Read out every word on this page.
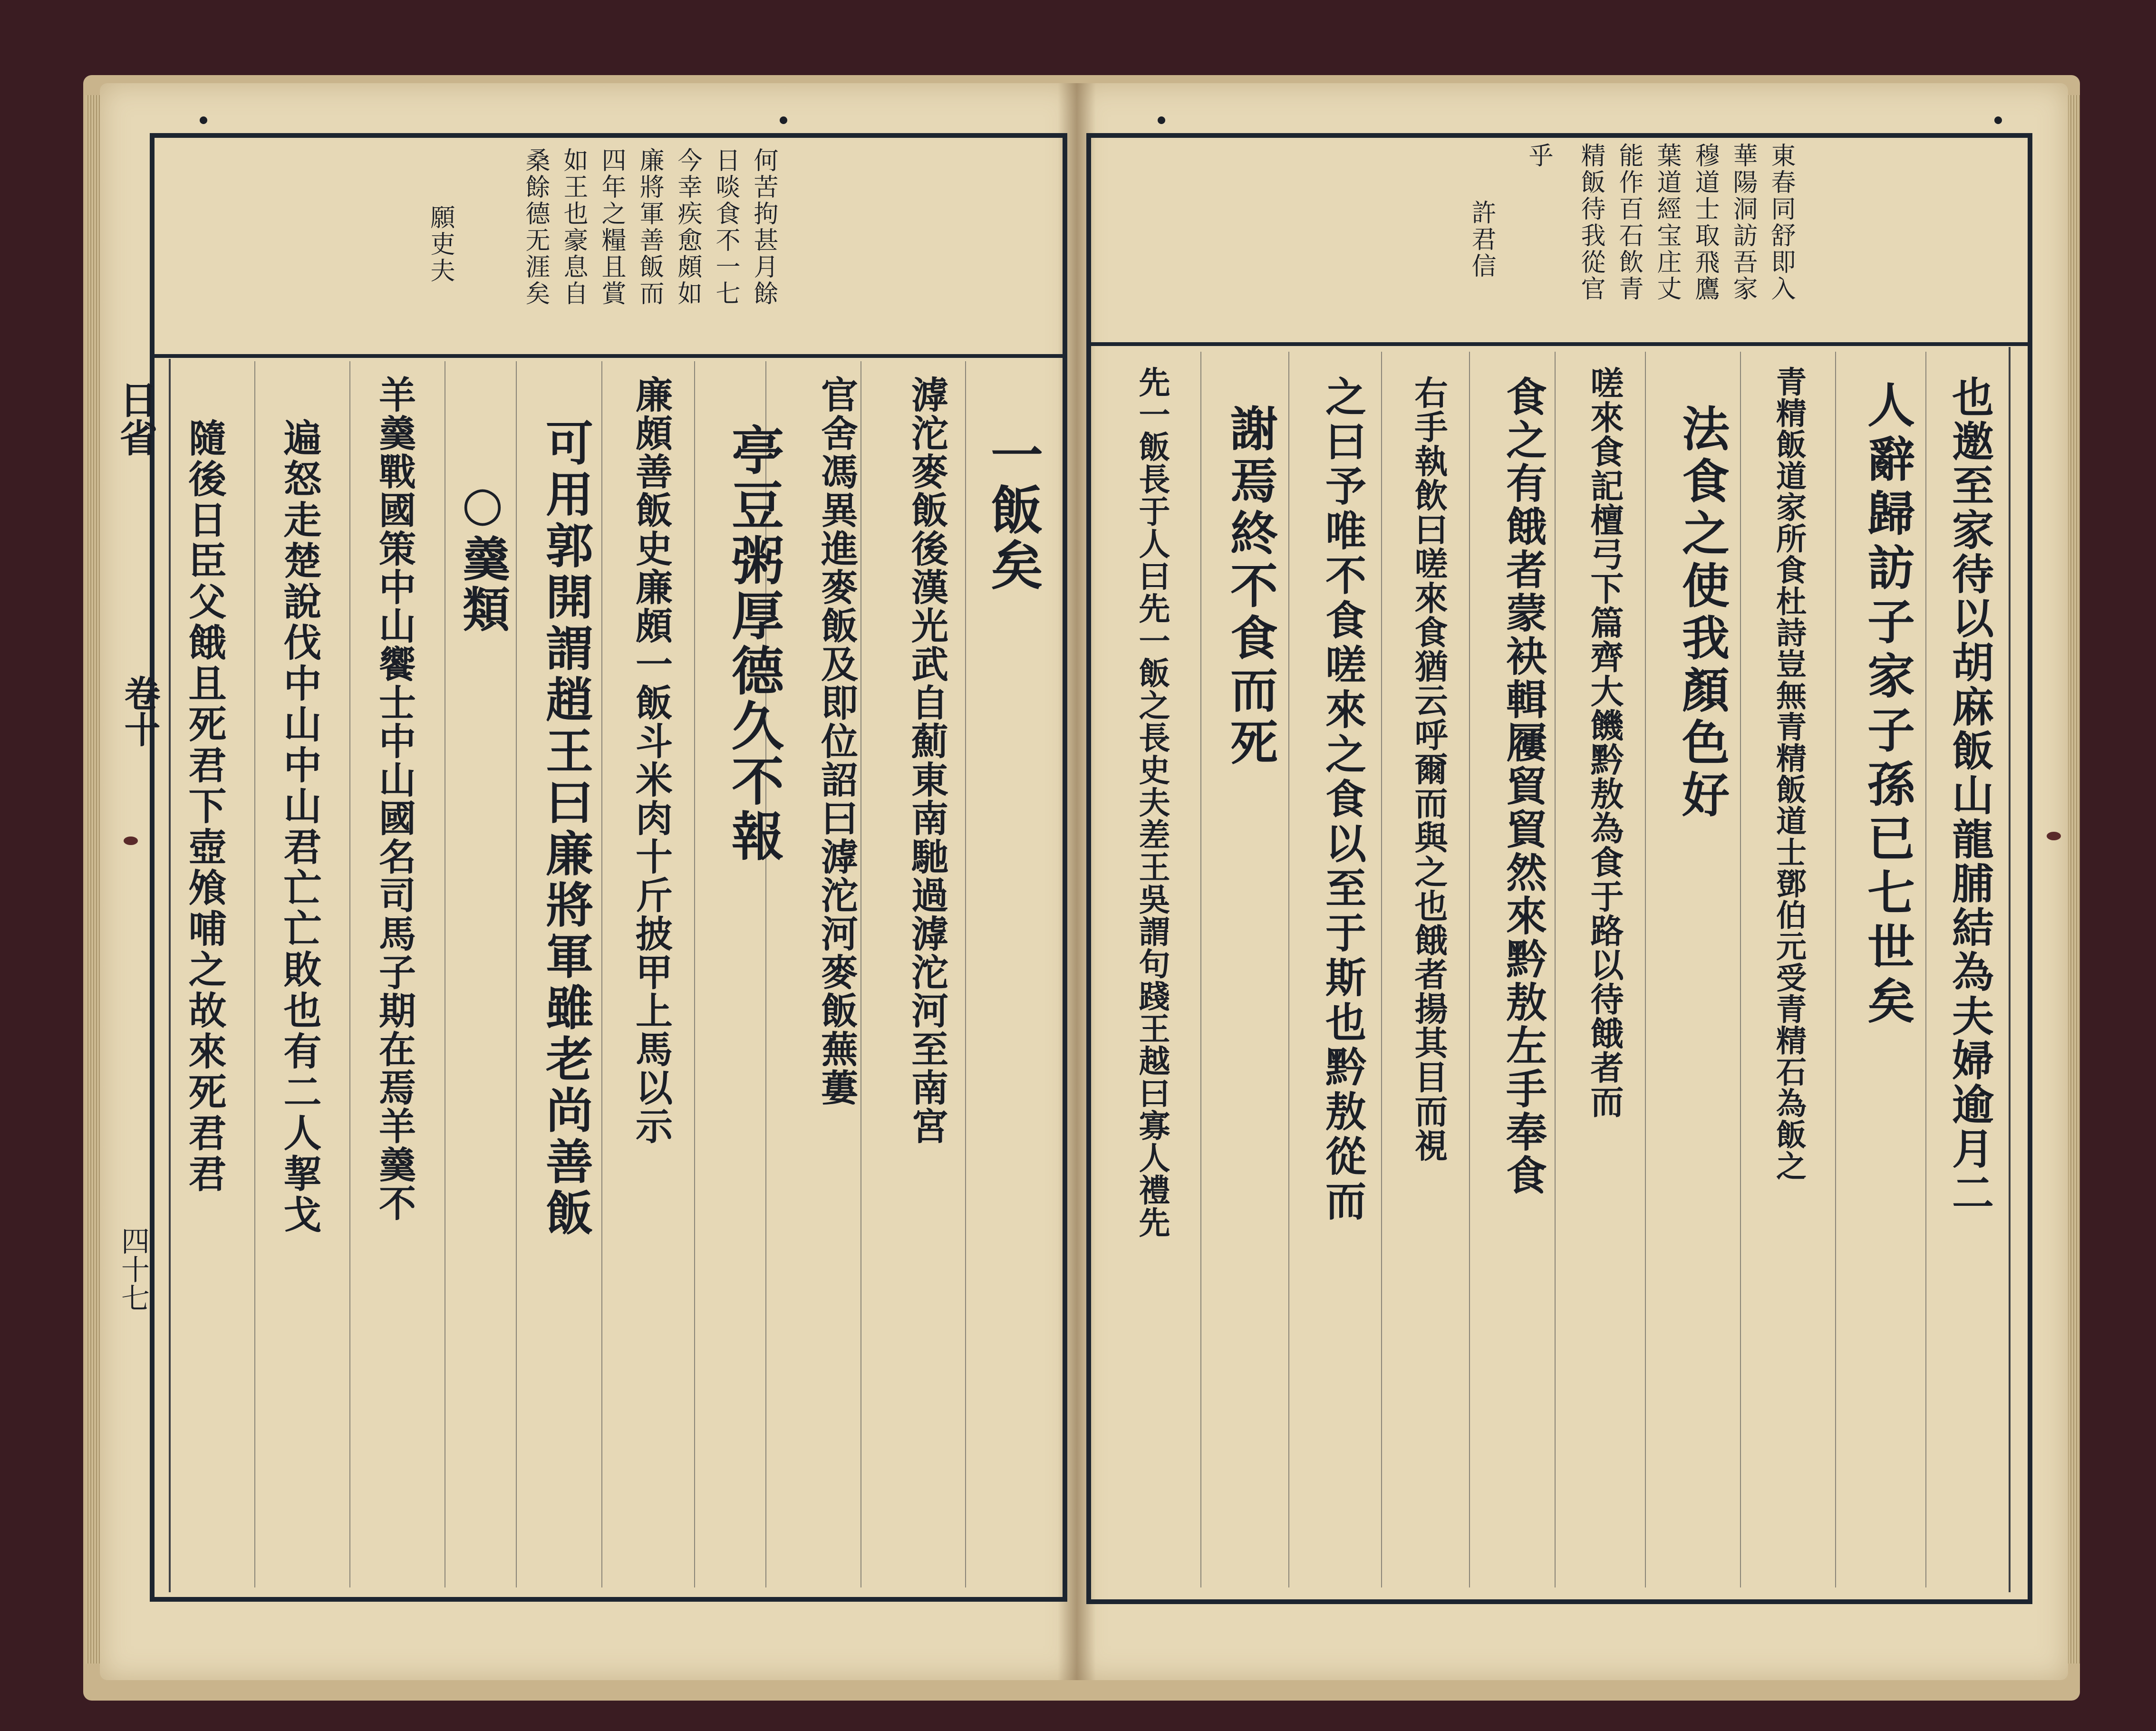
日省
卷十
四十七
何苦拘甚月餘
日啖食不一七
今幸疾愈頗如
廉將軍善飯而
四年之糧且賞
如王也豪息自
桑餘德无涯矣
願吏夫
一飯矣
滹沱麥飯後漢光武自薊東南馳過滹沱河至南宮
官舍馮異進麥飯及即位詔曰滹沱河麥飯蕪蔞
亭豆粥厚德久不報
廉頗善飯史廉頗一飯斗米肉十斤披甲上馬以示
可用郭開謂趙王曰廉將軍雖老尚善飯
○羹類
羊羹戰國策中山饗士中山國名司馬子期在焉羊羹不
遍怒走楚說伐中山中山君亡亡敗也有二人挈戈
隨後日臣父餓且死君下壺飧哺之故來死君君
東春同舒即入
華陽洞訪吾家
穆道士取飛鷹
葉道經宝庄丈
能作百石飲青
精飯待我從官
乎
許君信
也邀至家待以胡麻飯山龍脯結為夫婦逾月二
人辭歸訪子家子孫已七世矣
青精飯道家所食杜詩豈無青精飯道士鄧伯元受青精石為飯之
法食之使我顏色好
嗟來食記檀弓下篇齊大饑黔敖為食于路以待餓者而
食之有餓者蒙袂輯屨貿貿然來黔敖左手奉食
右手執飲曰嗟來食猶云呼爾而與之也餓者揚其目而視
之曰予唯不食嗟來之食以至于斯也黔敖從而
謝焉終不食而死
先一飯長于人曰先一飯之長史夫差王吳謂句踐王越曰寡人禮先
